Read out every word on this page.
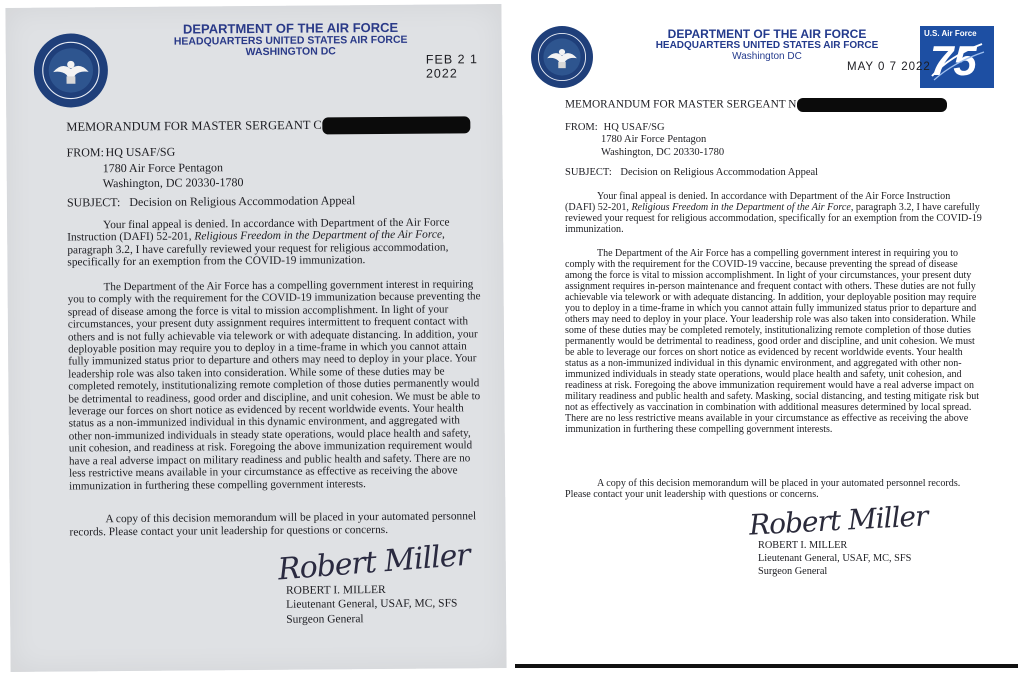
DEPARTMENT OF THE AIR FORCE
HEADQUARTERS UNITED STATES AIR FORCE
WASHINGTON DC
FEB 2 1 2022
MEMORANDUM FOR MASTER SERGEANT C
FROM: HQ USAF/SG
1780 Air Force Pentagon
Washington, DC 20330-1780
SUBJECT: Decision on Religious Accommodation Appeal
Your final appeal is denied. In accordance with Department of the Air Force Instruction (DAFI) 52-201, Religious Freedom in the Department of the Air Force, paragraph 3.2, I have carefully reviewed your request for religious accommodation, specifically for an exemption from the COVID-19 immunization.
The Department of the Air Force has a compelling government interest in requiring you to comply with the requirement for the COVID-19 immunization because preventing the spread of disease among the force is vital to mission accomplishment. In light of your circumstances, your present duty assignment requires intermittent to frequent contact with others and is not fully achievable via telework or with adequate distancing. In addition, your deployable position may require you to deploy in a time-frame in which you cannot attain fully immunized status prior to departure and others may need to deploy in your place. Your leadership role was also taken into consideration. While some of these duties may be completed remotely, institutionalizing remote completion of those duties permanently would be detrimental to readiness, good order and discipline, and unit cohesion. We must be able to leverage our forces on short notice as evidenced by recent worldwide events. Your health status as a non-immunized individual in this dynamic environment, and aggregated with other non-immunized individuals in steady state operations, would place health and safety, unit cohesion, and readiness at risk. Foregoing the above immunization requirement would have a real adverse impact on military readiness and public health and safety. There are no less restrictive means available in your circumstance as effective as receiving the above immunization in furthering these compelling government interests.
A copy of this decision memorandum will be placed in your automated personnel records. Please contact your unit leadership for questions or concerns.
Robert Miller
ROBERT I. MILLER
Lieutenant General, USAF, MC, SFS
Surgeon General
DEPARTMENT OF THE AIR FORCE
HEADQUARTERS UNITED STATES AIR FORCE
Washington DC
U.S. Air Force
75
MAY 0 7 2022
MEMORANDUM FOR MASTER SERGEANT N
FROM: HQ USAF/SG
1780 Air Force Pentagon
Washington, DC 20330-1780
SUBJECT: Decision on Religious Accommodation Appeal
Your final appeal is denied. In accordance with Department of the Air Force Instruction (DAFI) 52-201, Religious Freedom in the Department of the Air Force, paragraph 3.2, I have carefully reviewed your request for religious accommodation, specifically for an exemption from the COVID-19 immunization.
The Department of the Air Force has a compelling government interest in requiring you to comply with the requirement for the COVID-19 vaccine, because preventing the spread of disease among the force is vital to mission accomplishment. In light of your circumstances, your present duty assignment requires in-person maintenance and frequent contact with others. These duties are not fully achievable via telework or with adequate distancing. In addition, your deployable position may require you to deploy in a time-frame in which you cannot attain fully immunized status prior to departure and others may need to deploy in your place. Your leadership role was also taken into consideration. While some of these duties may be completed remotely, institutionalizing remote completion of those duties permanently would be detrimental to readiness, good order and discipline, and unit cohesion. We must be able to leverage our forces on short notice as evidenced by recent worldwide events. Your health status as a non-immunized individual in this dynamic environment, and aggregated with other non-immunized individuals in steady state operations, would place health and safety, unit cohesion, and readiness at risk. Foregoing the above immunization requirement would have a real adverse impact on military readiness and public health and safety. Masking, social distancing, and testing mitigate risk but not as effectively as vaccination in combination with additional measures determined by local spread. There are no less restrictive means available in your circumstance as effective as receiving the above immunization in furthering these compelling government interests.
A copy of this decision memorandum will be placed in your automated personnel records. Please contact your unit leadership with questions or concerns.
Robert Miller
ROBERT I. MILLER
Lieutenant General, USAF, MC, SFS
Surgeon General
